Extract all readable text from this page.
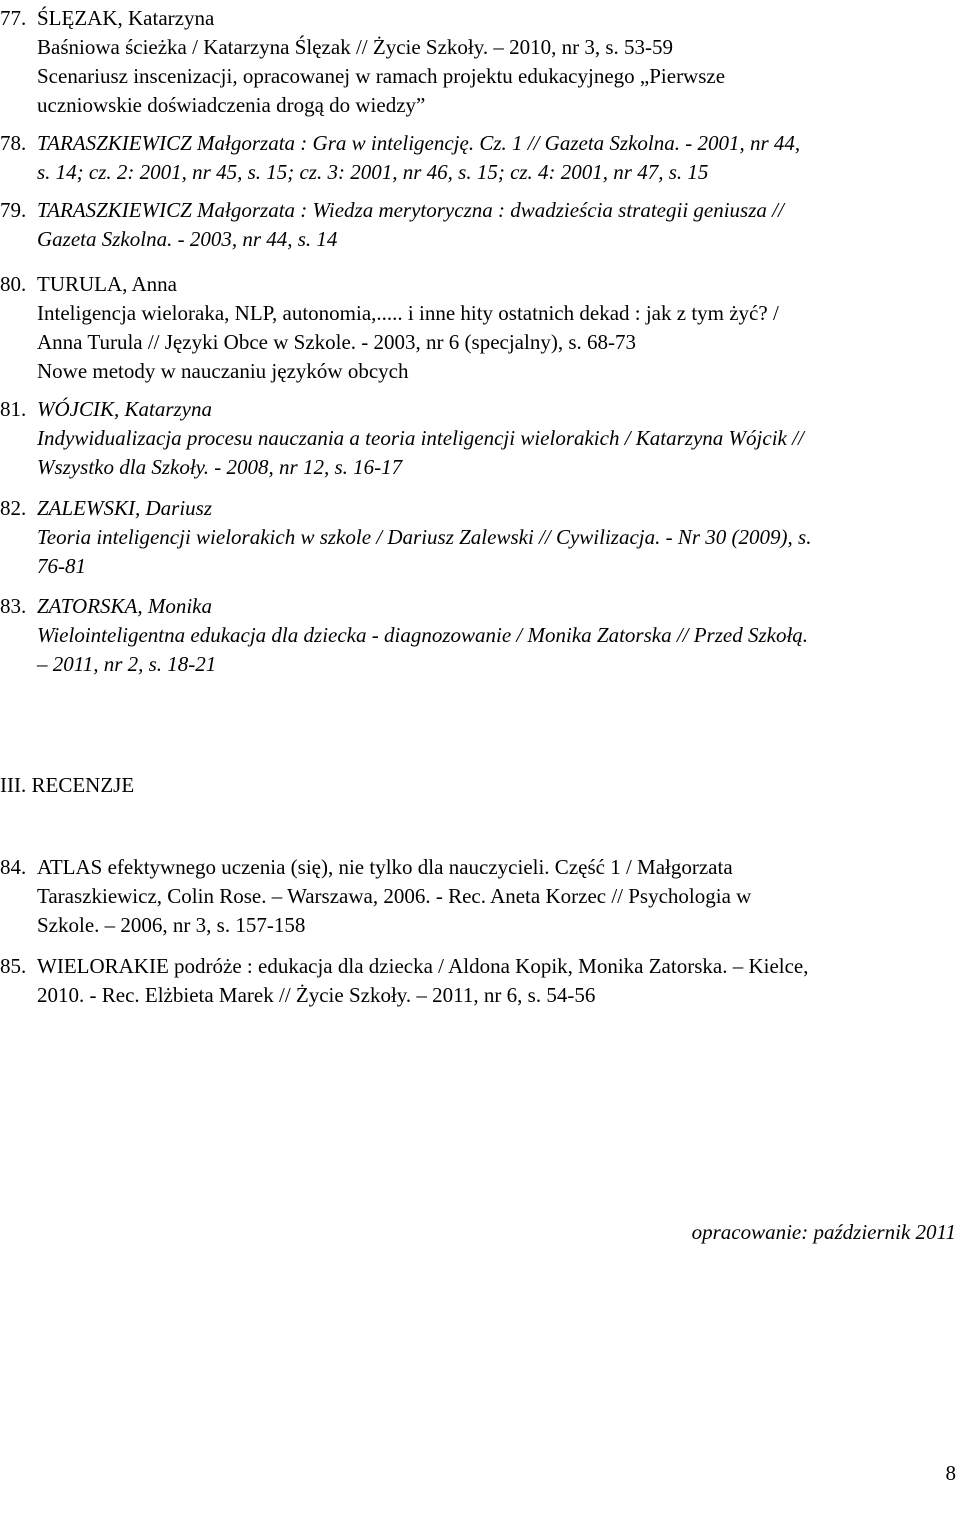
77. ŚLĘZAK, Katarzyna
Baśniowa ścieżka / Katarzyna Ślęzak // Życie Szkoły. – 2010, nr 3, s. 53-59
Scenariusz inscenizacji, opracowanej w ramach projektu edukacyjnego „Pierwsze
uczniowskie doświadczenia drogą do wiedzy”
78. TARASZKIEWICZ Małgorzata : Gra w inteligencję. Cz. 1 // Gazeta Szkolna. - 2001, nr 44,
s. 14; cz. 2: 2001, nr 45, s. 15; cz. 3: 2001, nr 46, s. 15; cz. 4: 2001, nr 47, s. 15
79. TARASZKIEWICZ Małgorzata : Wiedza merytoryczna : dwadzieścia strategii geniusza //
Gazeta Szkolna. - 2003, nr 44, s. 14
80. TURULA, Anna
Inteligencja wieloraka, NLP, autonomia,..... i inne hity ostatnich dekad : jak z tym żyć? /
Anna Turula // Języki Obce w Szkole. - 2003, nr 6 (specjalny), s. 68-73
Nowe metody w nauczaniu języków obcych
81. WÓJCIK, Katarzyna
Indywidualizacja procesu nauczania a teoria inteligencji wielorakich / Katarzyna Wójcik //
Wszystko dla Szkoły. - 2008, nr 12, s. 16-17
82. ZALEWSKI, Dariusz
Teoria inteligencji wielorakich w szkole / Dariusz Zalewski // Cywilizacja. - Nr 30 (2009), s.
76-81
83. ZATORSKA, Monika
Wielointeligentna edukacja dla dziecka - diagnozowanie / Monika Zatorska // Przed Szkołą.
– 2011, nr 2, s. 18-21
III. RECENZJE
84. ATLAS efektywnego uczenia (się), nie tylko dla nauczycieli. Część 1 / Małgorzata
Taraszkiewicz, Colin Rose. – Warszawa, 2006. - Rec. Aneta Korzec // Psychologia w
Szkole. – 2006, nr 3, s. 157-158
85. WIELORAKIE podróże : edukacja dla dziecka / Aldona Kopik, Monika Zatorska. – Kielce,
2010. - Rec. Elżbieta Marek // Życie Szkoły. – 2011, nr 6, s. 54-56
opracowanie: październik 2011
8
